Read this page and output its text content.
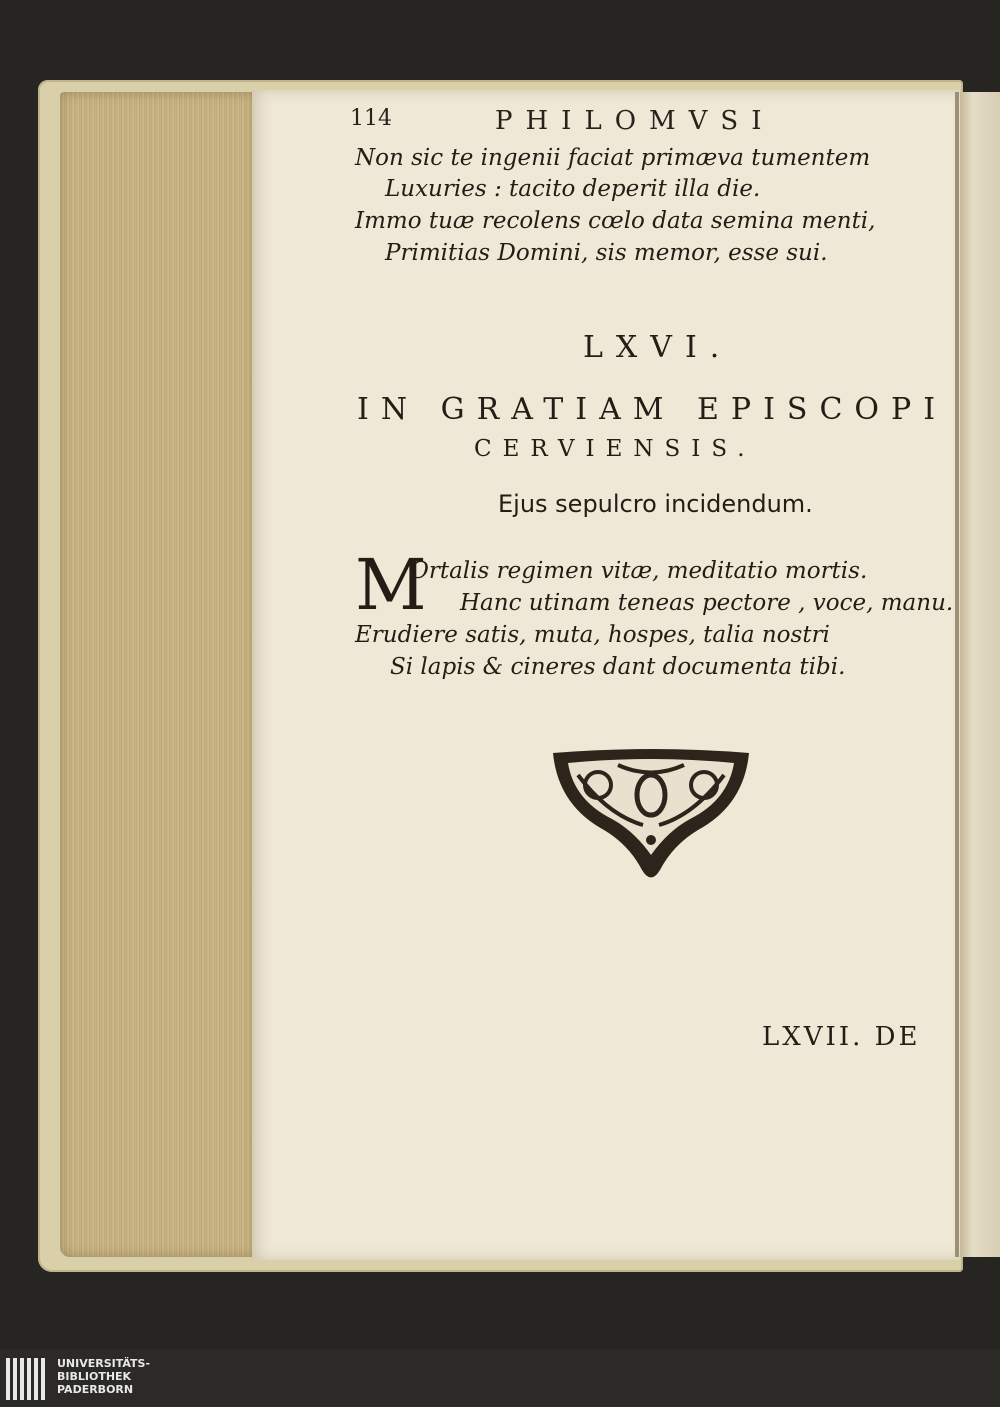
114	PHILOMVSI
Non sic te ingenii faciat primæva tumentem
Luxuries : tacito deperit illa die.
Immo tuæ recolens cœlo data semina menti,
Primitias Domini, sis memor, esse sui.
LXVI.
IN GRATIAM EPISCOPI
CERVIENSIS.
Ejus sepulcro incidendum.
M
Ortalis regimen vitæ, meditatio mortis.
Hanc utinam teneas pectore , voce, manu.
Erudiere satis, muta, hospes, talia nostri
Si lapis & cineres dant documenta tibi.
LXVII. DE
UNIVERSITÄTS-
BIBLIOTHEK
PADERBORN
